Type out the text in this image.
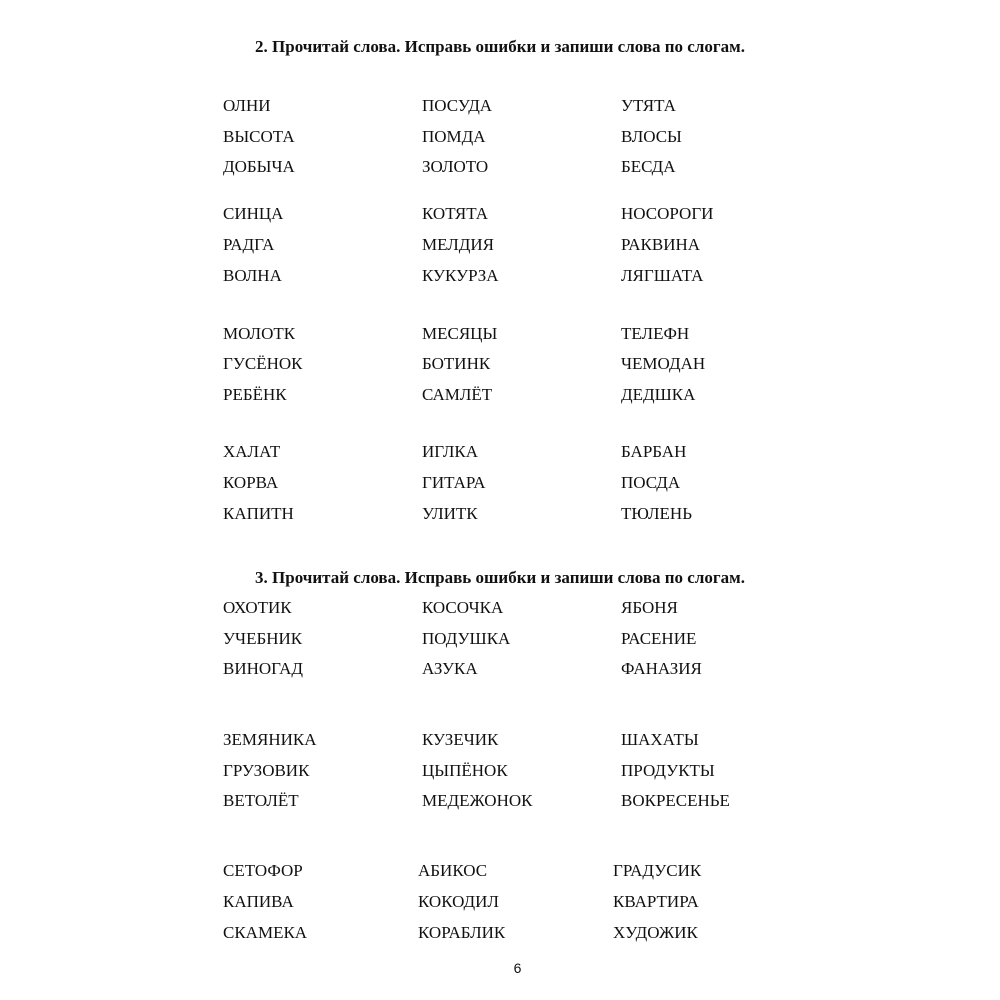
2. Прочитай слова. Исправь ошибки и запиши слова по слогам.
3. Прочитай слова. Исправь ошибки и запиши слова по слогам.
ОЛНИ	ПОСУДА	УТЯТА
ВЫСОТА	ПОМДА	ВЛОСЫ
ДОБЫЧА	ЗОЛОТО	БЕСДА
СИНЦА	КОТЯТА	НОСОРОГИ
РАДГА	МЕЛДИЯ	РАКВИНА
ВОЛНА	КУКУРЗА	ЛЯГШАТА
МОЛОТК	МЕСЯЦЫ	ТЕЛЕФН
ГУСЁНОК	БОТИНК	ЧЕМОДАН
РЕБЁНК	САМЛЁТ	ДЕДШКА
ХАЛАТ	ИГЛКА	БАРБАН
КОРВА	ГИТАРА	ПОСДА
КАПИТН	УЛИТК	ТЮЛЕНЬ
ОХОТИК	КОСОЧКА	ЯБОНЯ
УЧЕБНИК	ПОДУШКА	РАСЕНИЕ
ВИНОГАД	АЗУКА	ФАНАЗИЯ
ЗЕМЯНИКА	КУЗЕЧИК	ШАХАТЫ
ГРУЗОВИК	ЦЫПЁНОК	ПРОДУКТЫ
ВЕТОЛЁТ	МЕДЕЖОНОК	ВОКРЕСЕНЬЕ
СЕТОФОР	АБИКОС	ГРАДУСИК
КАПИВА	КОКОДИЛ	КВАРТИРА
СКАМЕКА	КОРАБЛИК	ХУДОЖИК
6
